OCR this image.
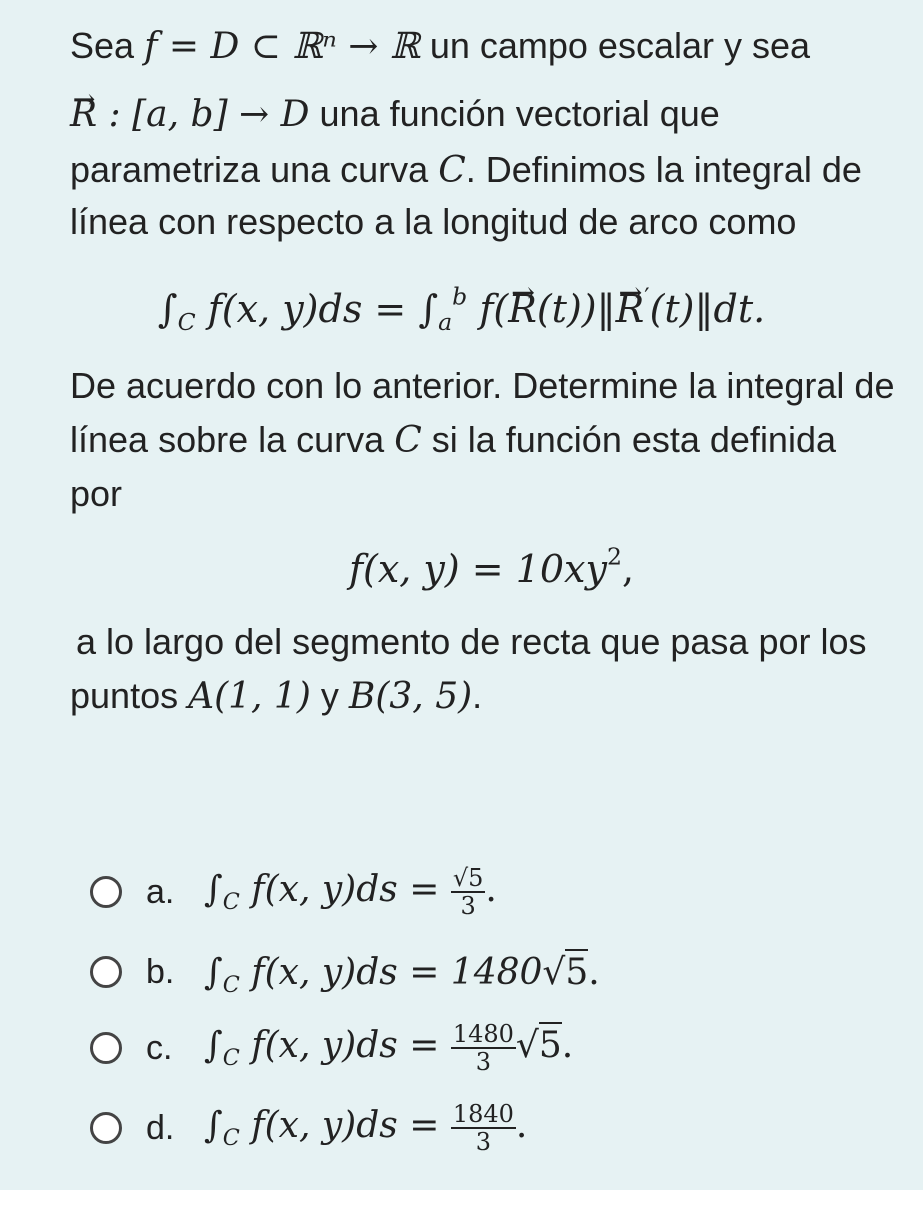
Sea f = D ⊂ ℝⁿ → ℝ un campo escalar y sea
→ R : [a, b] → D una función vectorial que
parametriza una curva C. Definimos la integral de
línea con respecto a la longitud de arco como
$\int_C$ f(x, $y)ds = \int_a^b$ f(→ R(t))‖→ R′(t)‖dt.
De acuerdo con lo anterior. Determine la integral de
línea sobre la curva C si la función esta definida
por
f(x, $y) = 10xy^2$,
a lo largo del segmento de recta que pasa por los
puntos A(1, 1) y B(3, 5).
a. $\int_C$ f(x, $y)ds = \frac{√5}{3}$ .
b. $\int_C$ f(x, y)ds = 1480√5.
c. $\int_C$ f(x, $y)ds = \frac{1480}{3} √5$.
d. $\int_C$ f(x, $y)ds = \frac{1840}{3}$ .
